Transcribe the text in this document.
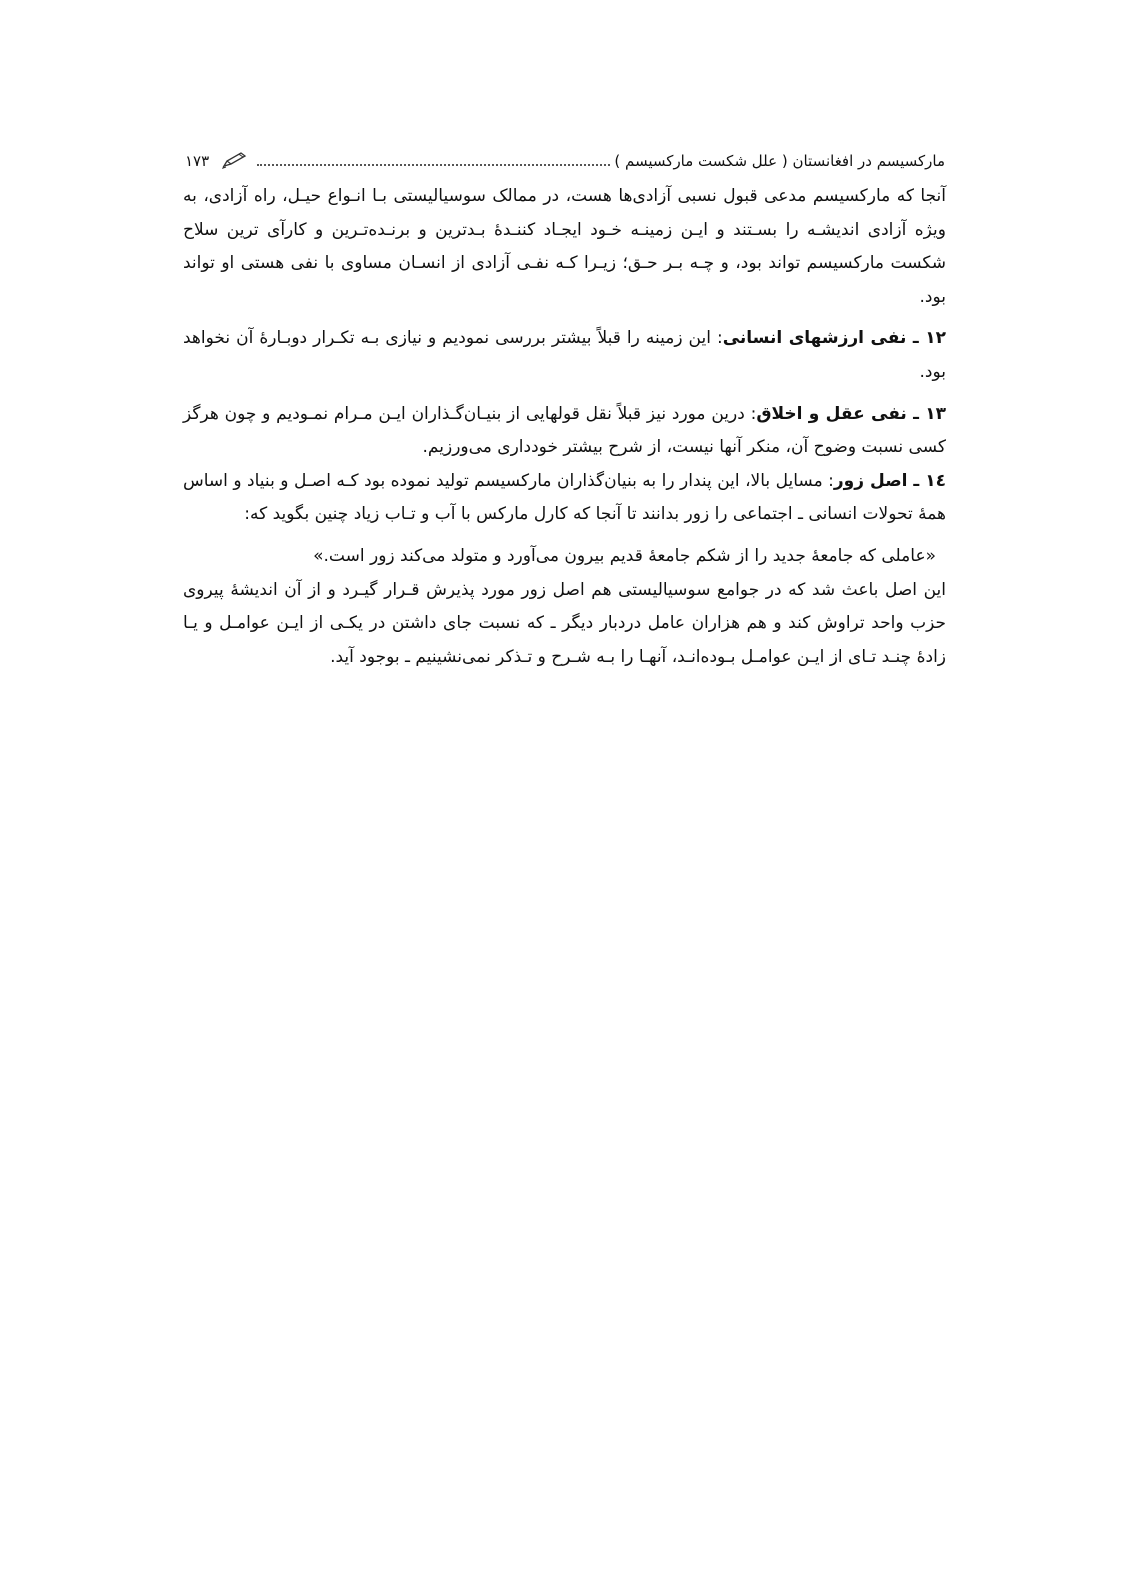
مارکسیسم در افغانستان ( علل شکست مارکسیسم )
۱۷۳

آنجا که مارکسیسم مدعی قبول نسبی آزادی‌ها هست، در ممالک سوسیالیستی بـا انـواع حیـل، راه آزادی، به ویژه آزادی اندیشـه را بسـتند و ایـن زمینـه خـود ایجـاد کننـدۀ بـدترین و برنـده‌تـرین و کارآی ترین سلاح شکست مارکسیسم تواند بود، و چـه بـر حـق؛ زیـرا کـه نفـی آزادی از انسـان مساوی با نفی هستی او تواند بود.

۱۲ ـ نفی ارزشهای انسانی: این زمینه را قبلاً بیشتر بررسی نمودیم و نیازی بـه تکـرار دوبـارۀ آن نخواهد بود.

۱۳ ـ نفی عقل و اخلاق: درین مورد نیز قبلاً نقل قولهایی از بنیـان‌گـذاران ایـن مـرام نمـودیم و چون هرگز کسی نسبت وضوح آن، منکر آنها نیست، از شرح بیشتر خودداری می‌ورزیم.

١٤ ـ اصل زور: مسایل بالا، این پندار را به بنیان‌گذاران مارکسیسم تولید نموده بود کـه اصـل و بنیاد و اساس همۀ تحولات انسانی ـ اجتماعی را زور بدانند تا آنجا که کارل مارکس با آب و تـاب زیاد چنین بگوید که:

«عاملی که جامعۀ جدید را از شکم جامعۀ قدیم بیرون می‌آورد و متولد می‌کند زور است.»

این اصل باعث شد که در جوامع سوسیالیستی هم اصل زور مورد پذیرش قـرار گیـرد و از آن اندیشۀ پیروی حزب واحد تراوش کند و هم هزاران عامل دردبار دیگر ـ که نسبت جای داشتن در یکـی از ایـن عوامـل و یـا زادۀ چنـد تـای از ایـن عوامـل بـوده‌انـد، آنهـا را بـه شـرح و تـذکر نمی‌نشینیم ـ بوجود آید.
